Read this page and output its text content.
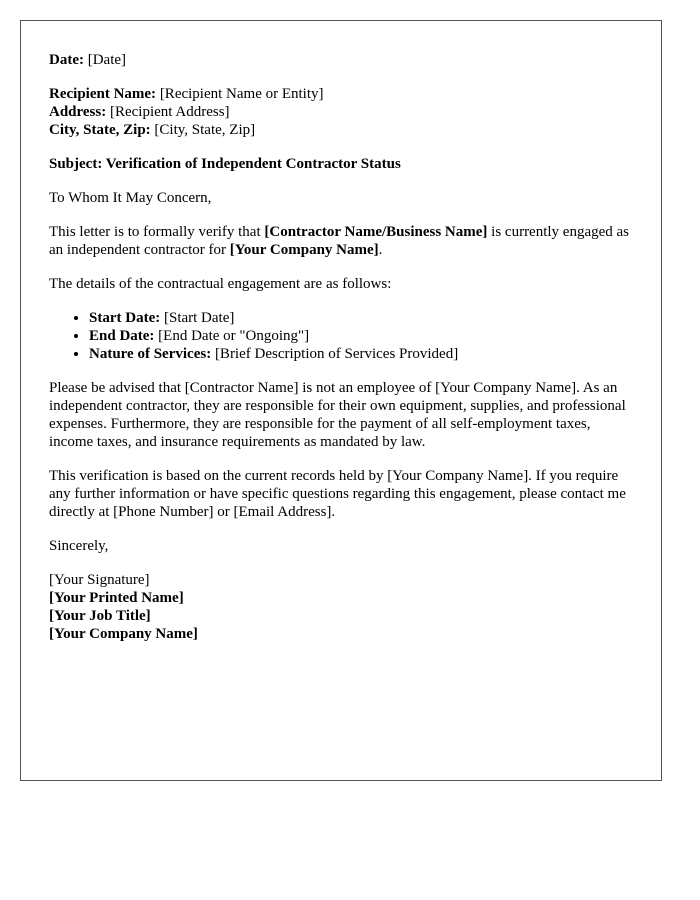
Date: [Date]

Recipient Name: [Recipient Name or Entity]
Address: [Recipient Address]
City, State, Zip: [City, State, Zip]

Subject: Verification of Independent Contractor Status

To Whom It May Concern,

This letter is to formally verify that [Contractor Name/Business Name] is currently engaged as an independent contractor for [Your Company Name].

The details of the contractual engagement are as follows:

• Start Date: [Start Date]
• End Date: [End Date or "Ongoing"]
• Nature of Services: [Brief Description of Services Provided]

Please be advised that [Contractor Name] is not an employee of [Your Company Name]. As an independent contractor, they are responsible for their own equipment, supplies, and professional expenses. Furthermore, they are responsible for the payment of all self-employment taxes, income taxes, and insurance requirements as mandated by law.

This verification is based on the current records held by [Your Company Name]. If you require any further information or have specific questions regarding this engagement, please contact me directly at [Phone Number] or [Email Address].

Sincerely,

[Your Signature]
[Your Printed Name]
[Your Job Title]
[Your Company Name]
